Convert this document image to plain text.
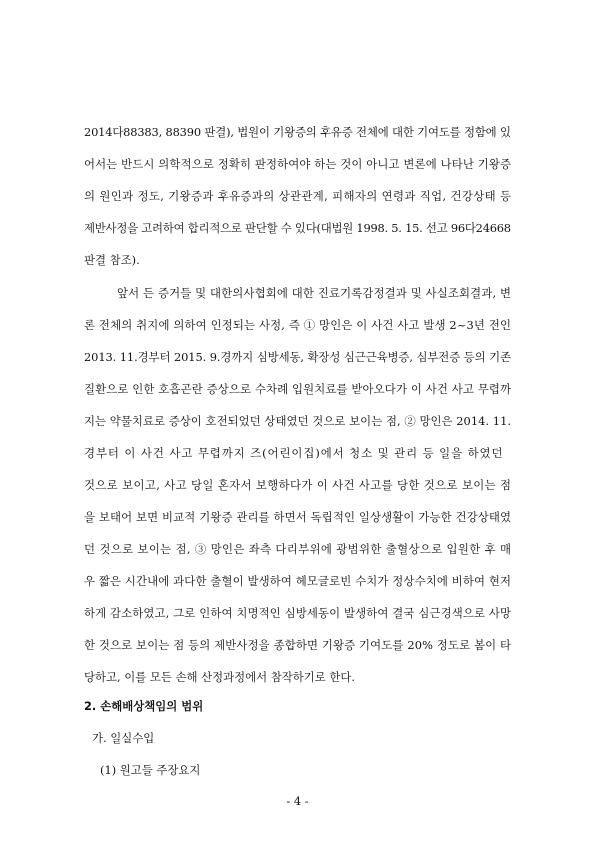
2014다88383, 88390 판결), 법원이 기왕증의 후유증 전체에 대한 기여도를 정함에 있
어서는 반드시 의학적으로 정확히 판정하여야 하는 것이 아니고 변론에 나타난 기왕증
의 원인과 정도, 기왕증과 후유증과의 상관관계, 피해자의 연령과 직업, 건강상태 등
제반사정을 고려하여 합리적으로 판단할 수 있다(대법원 1998. 5. 15. 선고 96다24668
판결 참조).
앞서 든 증거들 및 대한의사협회에 대한 진료기록감정결과 및 사실조회결과, 변
론 전체의 취지에 의하여 인정되는 사정, 즉 ① 망인은 이 사건 사고 발생 2~3년 전인
2013. 11.경부터 2015. 9.경까지 심방세동, 확장성 심근근육병증, 심부전증 등의 기존
질환으로 인한 호흡곤란 증상으로 수차례 입원치료를 받아오다가 이 사건 사고 무렵까
지는 약물치료로 증상이 호전되었던 상태였던 것으로 보이는 점, ② 망인은 2014. 11.
경부터 이 사건 사고 무렵까지 즈(어린이집)에서 청소 및 관리 등 일을 하였던
것으로 보이고, 사고 당일 혼자서 보행하다가 이 사건 사고를 당한 것으로 보이는 점
을 보태어 보면 비교적 기왕증 관리를 하면서 독립적인 일상생활이 가능한 건강상태였
던 것으로 보이는 점, ③ 망인은 좌측 다리부위에 광범위한 출혈상으로 입원한 후 매
우 짧은 시간내에 과다한 출혈이 발생하여 헤모글로빈 수치가 정상수치에 비하여 현저
하게 감소하였고, 그로 인하여 치명적인 심방세동이 발생하여 결국 심근경색으로 사망
한 것으로 보이는 점 등의 제반사정을 종합하면 기왕증 기여도를 20% 정도로 봄이 타
당하고, 이를 모든 손해 산정과정에서 참작하기로 한다.
2. 손해배상책임의 범위
가. 일실수입
(1) 원고들 주장요지
- 4 -
